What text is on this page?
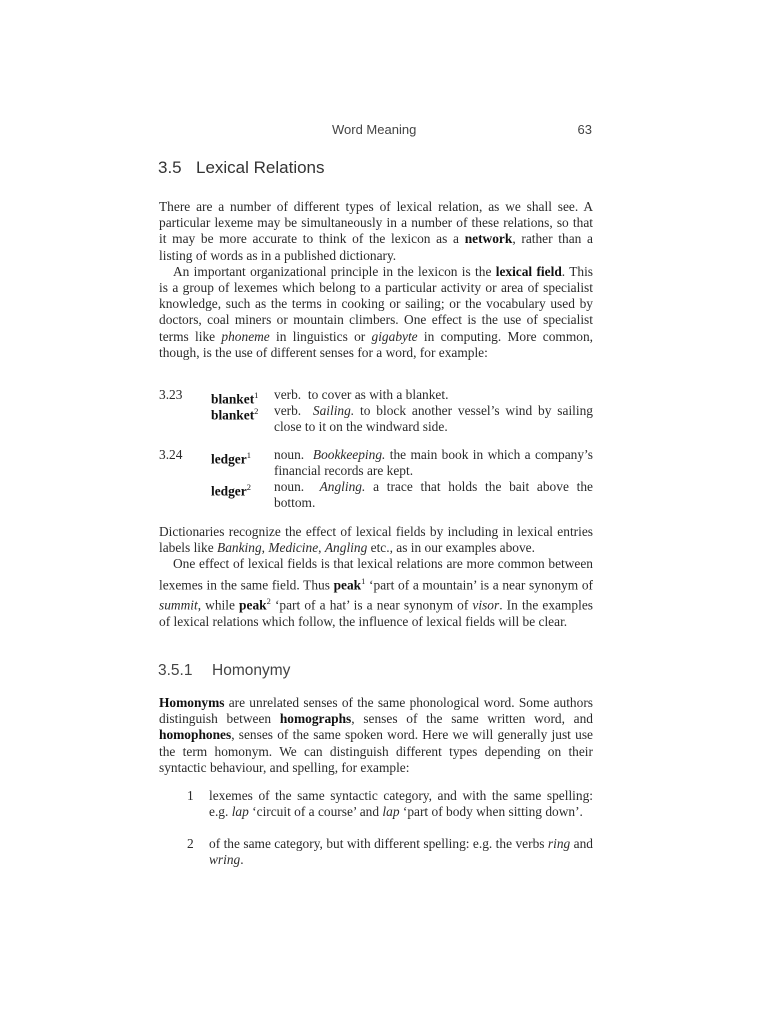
Word Meaning	63
3.5 Lexical Relations

There are a number of different types of lexical relation, as we shall see. A particular lexeme may be simultaneously in a number of these relations, so that it may be more accurate to think of the lexicon as a network, rather than a listing of words as in a published dictionary.

An important organizational principle in the lexicon is the lexical field. This is a group of lexemes which belong to a particular activity or area of specialist knowledge, such as the terms in cooking or sailing; or the vocabulary used by doctors, coal miners or mountain climbers. One effect is the use of specialist terms like phoneme in linguistics or gigabyte in computing. More common, though, is the use of different senses for a word, for example:

3.23 blanket$^1$ verb. to cover as with a blanket.
blanket$^2$ verb. Sailing. to block another vessel’s wind by sailing close to it on the windward side.
3.24 ledger$^1$ noun. Bookkeeping. the main book in which a company’s financial records are kept.
ledger$^2$ noun. Angling. a trace that holds the bait above the bottom.

Dictionaries recognize the effect of lexical fields by including in lexical entries labels like Banking, Medicine, Angling etc., as in our examples above.

One effect of lexical fields is that lexical relations are more common between lexemes in the same field. Thus peak$^1$ ‘part of a mountain’ is a near synonym of summit, while peak$^2$ ‘part of a hat’ is a near synonym of visor. In the examples of lexical relations which follow, the influence of lexical fields will be clear.

3.5.1 Homonymy

Homonyms are unrelated senses of the same phonological word. Some authors distinguish between homographs, senses of the same written word, and homophones, senses of the same spoken word. Here we will generally just use the term homonym. We can distinguish different types depending on their syntactic behaviour, and spelling, for example:

1 lexemes of the same syntactic category, and with the same spelling: e.g. lap ‘circuit of a course’ and lap ‘part of body when sitting down’.
2 of the same category, but with different spelling: e.g. the verbs ring and wring.
